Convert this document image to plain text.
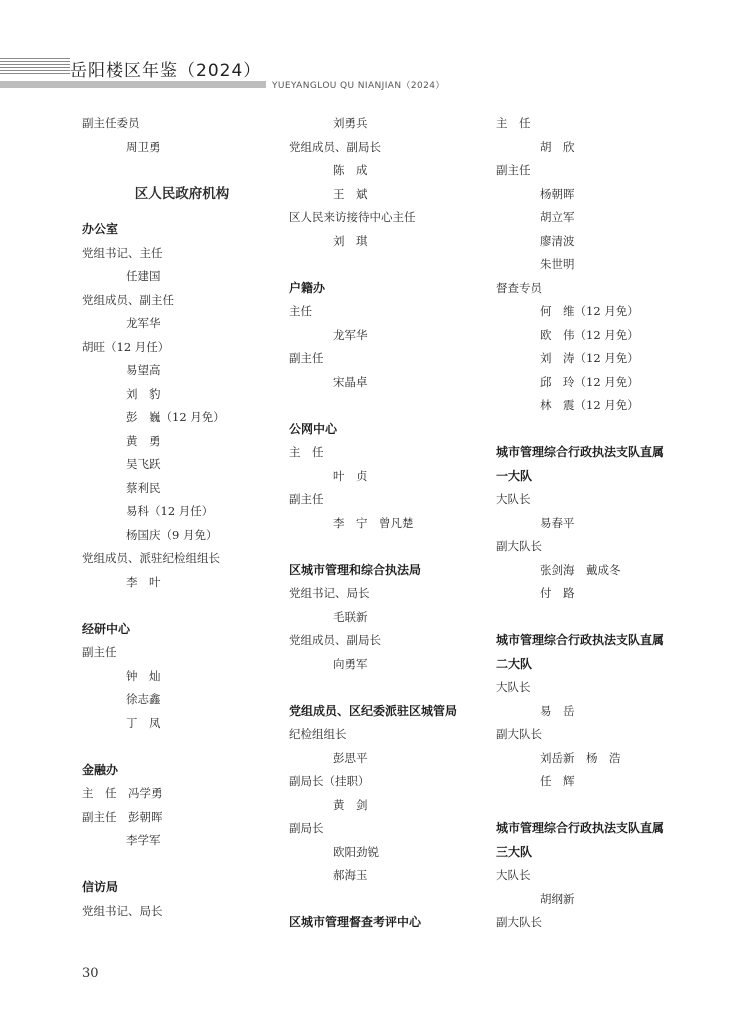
岳阳楼区年鉴（2024）
YUEYANGLOU QU NIANJIAN（2024）
副主任委员
周卫勇
区人民政府机构
办公室
党组书记、主任
任建国
党组成员、副主任
龙军华
胡旺（12 月任）
易望高
刘　豹
彭　巍（12 月免）
黄　勇
吴飞跃
蔡利民
易科（12 月任）
杨国庆（9 月免）
党组成员、派驻纪检组组长
李　叶
经研中心
副主任
钟　灿
徐志鑫
丁　凤
金融办
主　任　冯学勇
副主任　彭朝晖
李学军
信访局
党组书记、局长
刘勇兵
党组成员、副局长
陈　成
王　斌
区人民来访接待中心主任
刘　琪
户籍办
主任
龙军华
副主任
宋晶卓
公网中心
主　任
叶　贞
副主任
李　宁　曾凡楚
区城市管理和综合执法局
党组书记、局长
毛联新
党组成员、副局长
向勇军
党组成员、区纪委派驻区城管局
纪检组组长
彭思平
副局长（挂职）
黄　剑
副局长
欧阳劲锐
郝海玉
区城市管理督查考评中心
主　任
胡　欣
副主任
杨朝晖
胡立军
廖清波
朱世明
督查专员
何　维（12 月免）
欧　伟（12 月免）
刘　涛（12 月免）
邱　玲（12 月免）
林　震（12 月免）
城市管理综合行政执法支队直属
一大队
大队长
易春平
副大队长
张剑海　戴成冬
付　路
城市管理综合行政执法支队直属
二大队
大队长
易　岳
副大队长
刘岳新　杨　浩
任　辉
城市管理综合行政执法支队直属
三大队
大队长
胡纲新
副大队长
30
